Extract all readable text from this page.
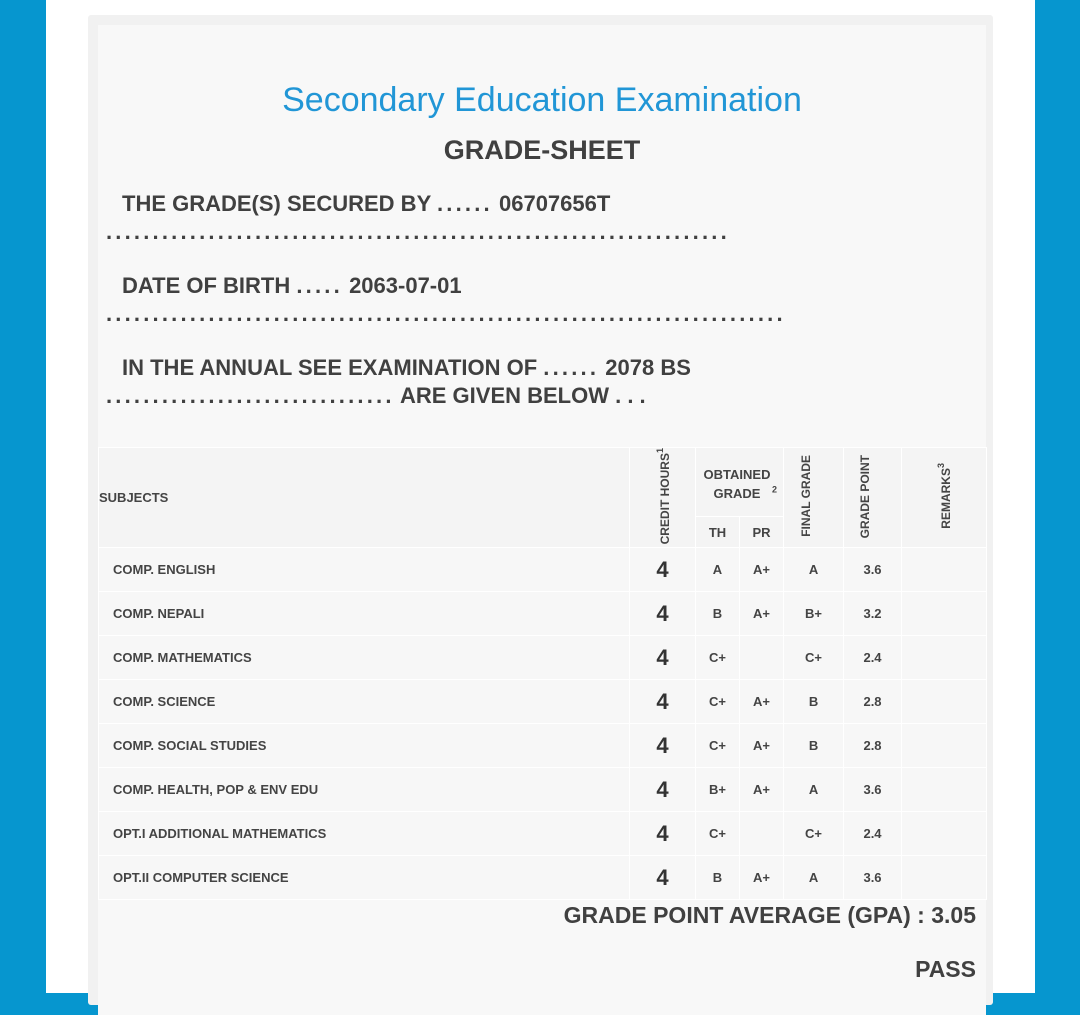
Secondary Education Examination
GRADE-SHEET
THE GRADE(S) SECURED BY ...... 06707656T ...................................................................
DATE OF BIRTH ..... 2063-07-01 .........................................................................
IN THE ANNUAL SEE EXAMINATION OF ...... 2078 BS ............................... ARE GIVEN BELOW . . .
SUBJECTS	CREDIT HOURS$^1$	OBTAINED GRADE $^2$		FINAL GRADE	GRADE POINT	REMARKS$^3$
		TH	PR			
COMP. ENGLISH	4	A	A+	A	3.6	
COMP. NEPALI	4	B	A+	B+	3.2	
COMP. MATHEMATICS	4	C+		C+	2.4	
COMP. SCIENCE	4	C+	A+	B	2.8	
COMP. SOCIAL STUDIES	4	C+	A+	B	2.8	
COMP. HEALTH, POP & ENV EDU	4	B+	A+	A	3.6	
OPT.I ADDITIONAL MATHEMATICS	4	C+		C+	2.4	
OPT.II COMPUTER SCIENCE	4	B	A+	A	3.6	
GRADE POINT AVERAGE (GPA) : 3.05
PASS
